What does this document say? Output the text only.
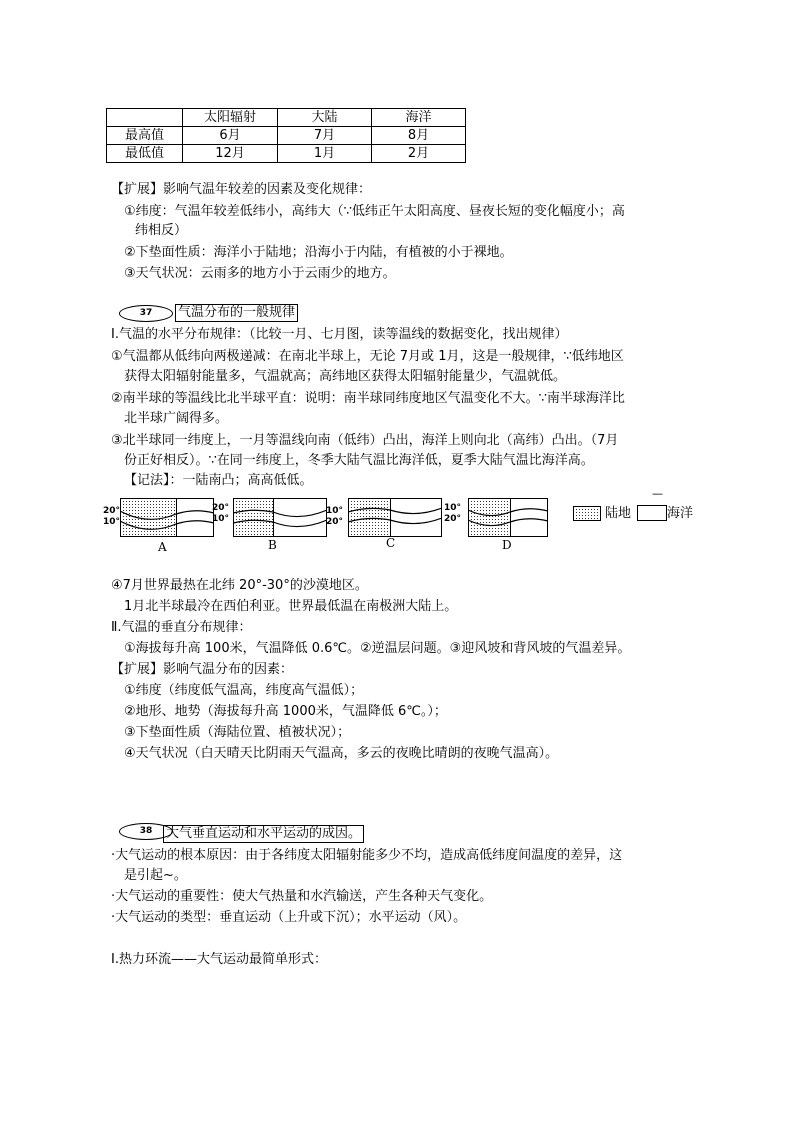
	太阳辐射	大陆	海洋
最高值	6月	7月	8月
最低值	12月	1月	2月
【扩展】影响气温年较差的因素及变化规律：
①纬度：气温年较差低纬小，高纬大（∵低纬正午太阳高度、昼夜长短的变化幅度小；高
纬相反）
②下垫面性质：海洋小于陆地；沿海小于内陆，有植被的小于裸地。
③天气状况：云雨多的地方小于云雨少的地方。
37	气温分布的一般规律
Ⅰ.气温的水平分布规律：（比较一月、七月图，读等温线的数据变化，找出规律）
①气温都从低纬向两极递减：在南北半球上，无论 7月或 1月，这是一般规律，∵低纬地区
获得太阳辐射能量多，气温就高；高纬地区获得太阳辐射能量少，气温就低。
②南半球的等温线比北半球平直：说明：南半球同纬度地区气温变化不大。∵南半球海洋比
北半球广阔得多。
③北半球同一纬度上，一月等温线向南（低纬）凸出，海洋上则向北（高纬）凸出。（7月
份正好相反）。∵在同一纬度上，冬季大陆气温比海洋低，夏季大陆气温比海洋高。
【记法】：一陆南凸；高高低低。
20°
10°
A
20°
10°
B
10°
20°
C
10°
20°
D
陆地
—
海洋
④7月世界最热在北纬 20°-30°的沙漠地区。
1月北半球最冷在西伯利亚。世界最低温在南极洲大陆上。
Ⅱ.气温的垂直分布规律：
①海拔每升高 100米，气温降低 0.6℃。②逆温层问题。③迎风坡和背风坡的气温差异。
【扩展】影响气温分布的因素：
①纬度（纬度低气温高，纬度高气温低）；
②地形、地势（海拔每升高 1000米，气温降低 6℃。）；
③下垫面性质（海陆位置、植被状况）；
④天气状况（白天晴天比阴雨天气温高，多云的夜晚比晴朗的夜晚气温高）。
38	大气垂直运动和水平运动的成因。
·大气运动的根本原因：由于各纬度太阳辐射能多少不均，造成高低纬度间温度的差异，这
是引起~。
·大气运动的重要性：使大气热量和水汽输送，产生各种天气变化。
·大气运动的类型：垂直运动（上升或下沉）；水平运动（风）。
Ⅰ.热力环流——大气运动最简单形式：
